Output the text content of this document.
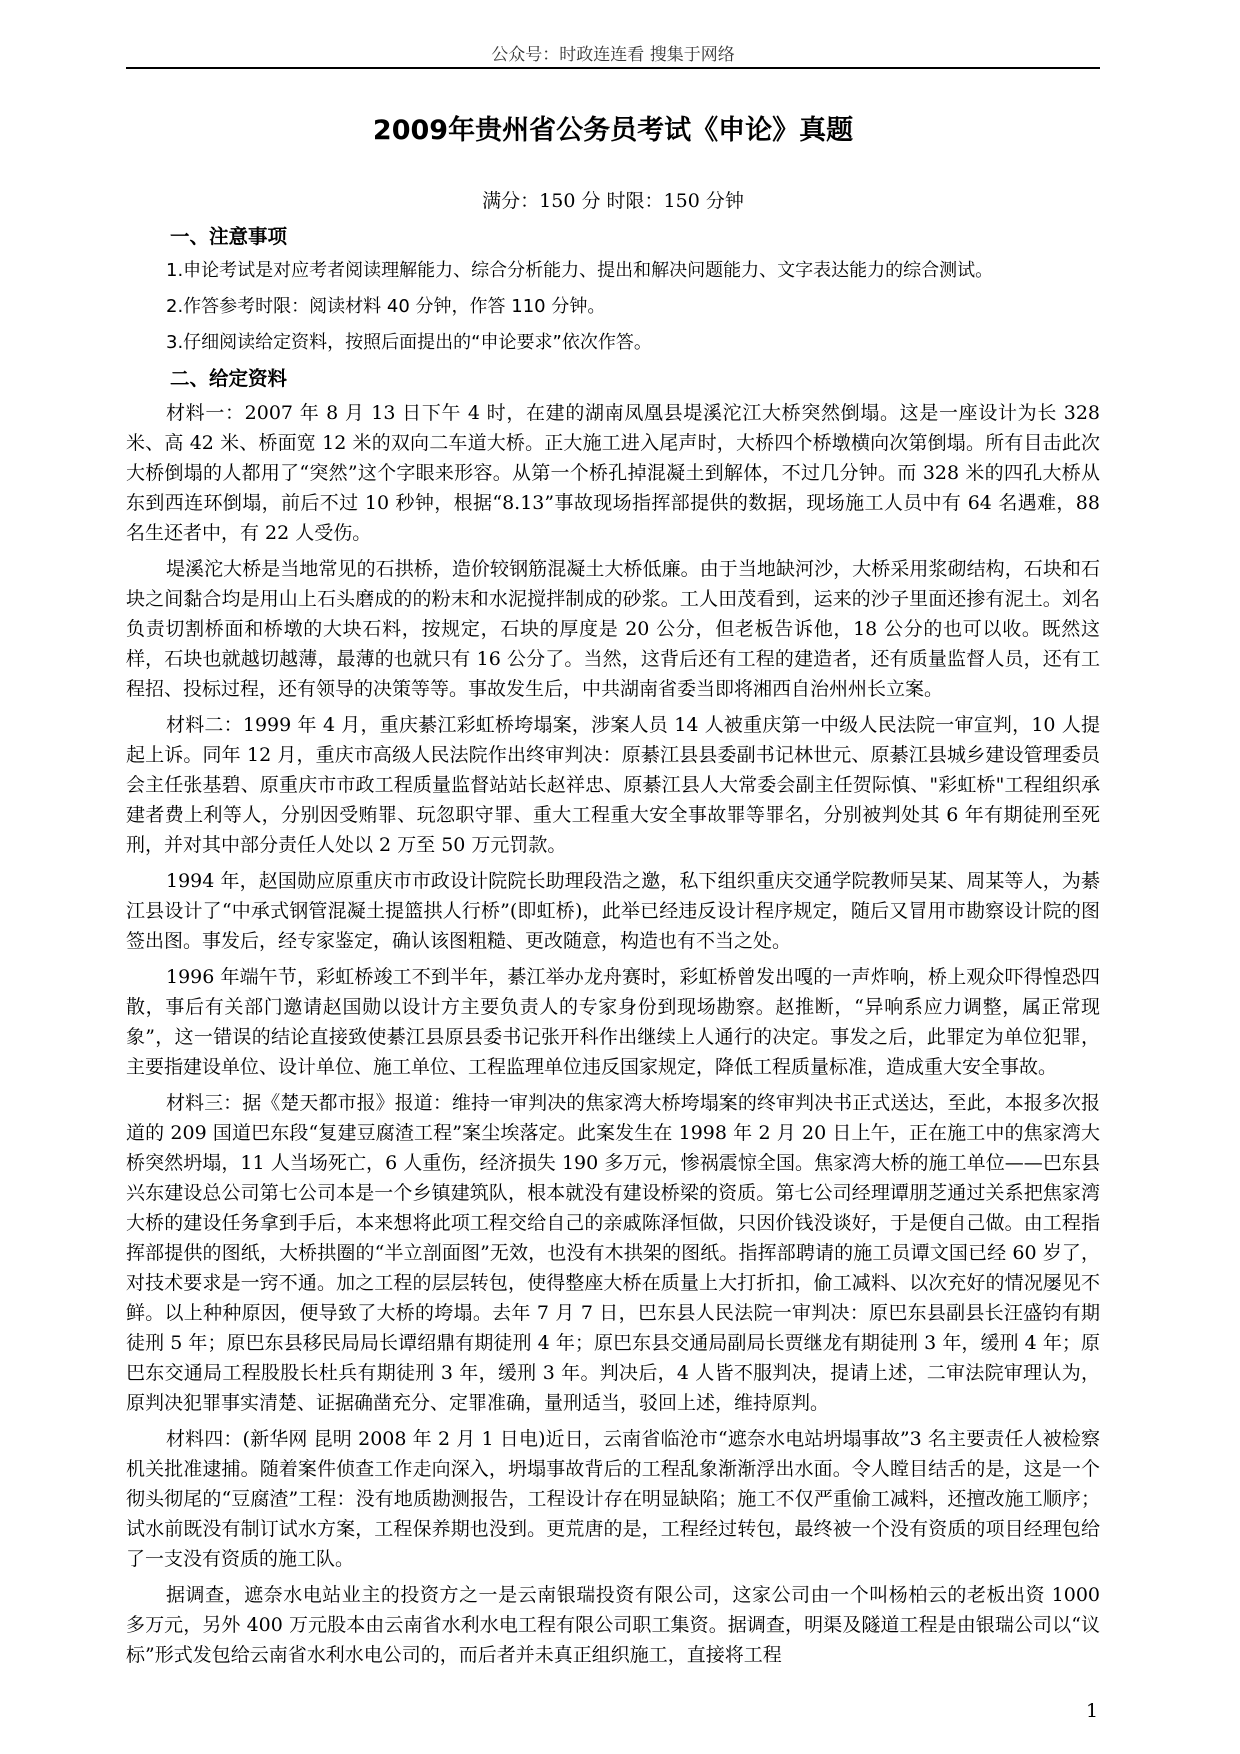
公众号：时政连连看 搜集于网络
2009年贵州省公务员考试《申论》真题
满分：150 分 时限：150 分钟
一、注意事项

1.申论考试是对应考者阅读理解能力、综合分析能力、提出和解决问题能力、文字表达能力的综合测试。

2.作答参考时限：阅读材料 40 分钟，作答 110 分钟。

3.仔细阅读给定资料，按照后面提出的“申论要求”依次作答。

二、给定资料

材料一：2007 年 8 月 13 日下午 4 时，在建的湖南凤凰县堤溪沱江大桥突然倒塌。这是一座设计为长 328 米、高 42 米、桥面宽 12 米的双向二车道大桥。正大施工进入尾声时，大桥四个桥墩横向次第倒塌。所有目击此次大桥倒塌的人都用了“突然”这个字眼来形容。从第一个桥孔掉混凝土到解体，不过几分钟。而 328 米的四孔大桥从东到西连环倒塌，前后不过 10 秒钟，根据“8.13”事故现场指挥部提供的数据，现场施工人员中有 64 名遇难，88 名生还者中，有 22 人受伤。

堤溪沱大桥是当地常见的石拱桥，造价较钢筋混凝土大桥低廉。由于当地缺河沙，大桥采用浆砌结构，石块和石块之间黏合均是用山上石头磨成的的粉末和水泥搅拌制成的砂浆。工人田茂看到，运来的沙子里面还掺有泥土。刘名负责切割桥面和桥墩的大块石料，按规定，石块的厚度是 20 公分，但老板告诉他，18 公分的也可以收。既然这样，石块也就越切越薄，最薄的也就只有 16 公分了。当然，这背后还有工程的建造者，还有质量监督人员，还有工程招、投标过程，还有领导的决策等等。事故发生后，中共湖南省委当即将湘西自治州州长立案。

材料二：1999 年 4 月，重庆綦江彩虹桥垮塌案，涉案人员 14 人被重庆第一中级人民法院一审宣判，10 人提起上诉。同年 12 月，重庆市高级人民法院作出终审判决：原綦江县县委副书记林世元、原綦江县城乡建设管理委员会主任张基碧、原重庆市市政工程质量监督站站长赵祥忠、原綦江县人大常委会副主任贺际慎、"彩虹桥"工程组织承建者费上利等人，分别因受贿罪、玩忽职守罪、重大工程重大安全事故罪等罪名，分别被判处其 6 年有期徒刑至死刑，并对其中部分责任人处以 2 万至 50 万元罚款。

1994 年，赵国勋应原重庆市市政设计院院长助理段浩之邀，私下组织重庆交通学院教师吴某、周某等人，为綦江县设计了“中承式钢管混凝土提篮拱人行桥”(即虹桥)，此举已经违反设计程序规定，随后又冒用市勘察设计院的图签出图。事发后，经专家鉴定，确认该图粗糙、更改随意，构造也有不当之处。

1996 年端午节，彩虹桥竣工不到半年，綦江举办龙舟赛时，彩虹桥曾发出嘎的一声炸响，桥上观众吓得惶恐四散，事后有关部门邀请赵国勋以设计方主要负责人的专家身份到现场勘察。赵推断，“异响系应力调整，属正常现象”，这一错误的结论直接致使綦江县原县委书记张开科作出继续上人通行的决定。事发之后，此罪定为单位犯罪，主要指建设单位、设计单位、施工单位、工程监理单位违反国家规定，降低工程质量标准，造成重大安全事故。

材料三：据《楚天都市报》报道：维持一审判决的焦家湾大桥垮塌案的终审判决书正式送达，至此，本报多次报道的 209 国道巴东段“复建豆腐渣工程”案尘埃落定。此案发生在 1998 年 2 月 20 日上午，正在施工中的焦家湾大桥突然坍塌，11 人当场死亡，6 人重伤，经济损失 190 多万元，惨祸震惊全国。焦家湾大桥的施工单位——巴东县兴东建设总公司第七公司本是一个乡镇建筑队，根本就没有建设桥梁的资质。第七公司经理谭朋芝通过关系把焦家湾大桥的建设任务拿到手后，本来想将此项工程交给自己的亲戚陈泽恒做，只因价钱没谈好，于是便自己做。由工程指挥部提供的图纸，大桥拱圈的“半立剖面图”无效，也没有木拱架的图纸。指挥部聘请的施工员谭文国已经 60 岁了，对技术要求是一窍不通。加之工程的层层转包，使得整座大桥在质量上大打折扣，偷工减料、以次充好的情况屡见不鲜。以上种种原因，便导致了大桥的垮塌。去年 7 月 7 日，巴东县人民法院一审判决：原巴东县副县长汪盛钧有期徒刑 5 年；原巴东县移民局局长谭绍鼎有期徒刑 4 年；原巴东县交通局副局长贾继龙有期徒刑 3 年，缓刑 4 年；原巴东交通局工程股股长杜兵有期徒刑 3 年，缓刑 3 年。判决后，4 人皆不服判决，提请上述，二审法院审理认为，原判决犯罪事实清楚、证据确凿充分、定罪准确，量刑适当，驳回上述，维持原判。

材料四：(新华网 昆明 2008 年 2 月 1 日电)近日，云南省临沧市“遮奈水电站坍塌事故”3 名主要责任人被检察机关批准逮捕。随着案件侦查工作走向深入，坍塌事故背后的工程乱象渐渐浮出水面。令人瞠目结舌的是，这是一个彻头彻尾的“豆腐渣”工程：没有地质勘测报告，工程设计存在明显缺陷；施工不仅严重偷工减料，还擅改施工顺序；试水前既没有制订试水方案，工程保养期也没到。更荒唐的是，工程经过转包，最终被一个没有资质的项目经理包给了一支没有资质的施工队。

据调查，遮奈水电站业主的投资方之一是云南银瑞投资有限公司，这家公司由一个叫杨柏云的老板出资 1000 多万元，另外 400 万元股本由云南省水利水电工程有限公司职工集资。据调查，明渠及隧道工程是由银瑞公司以“议标”形式发包给云南省水利水电公司的，而后者并未真正组织施工，直接将工程

1
